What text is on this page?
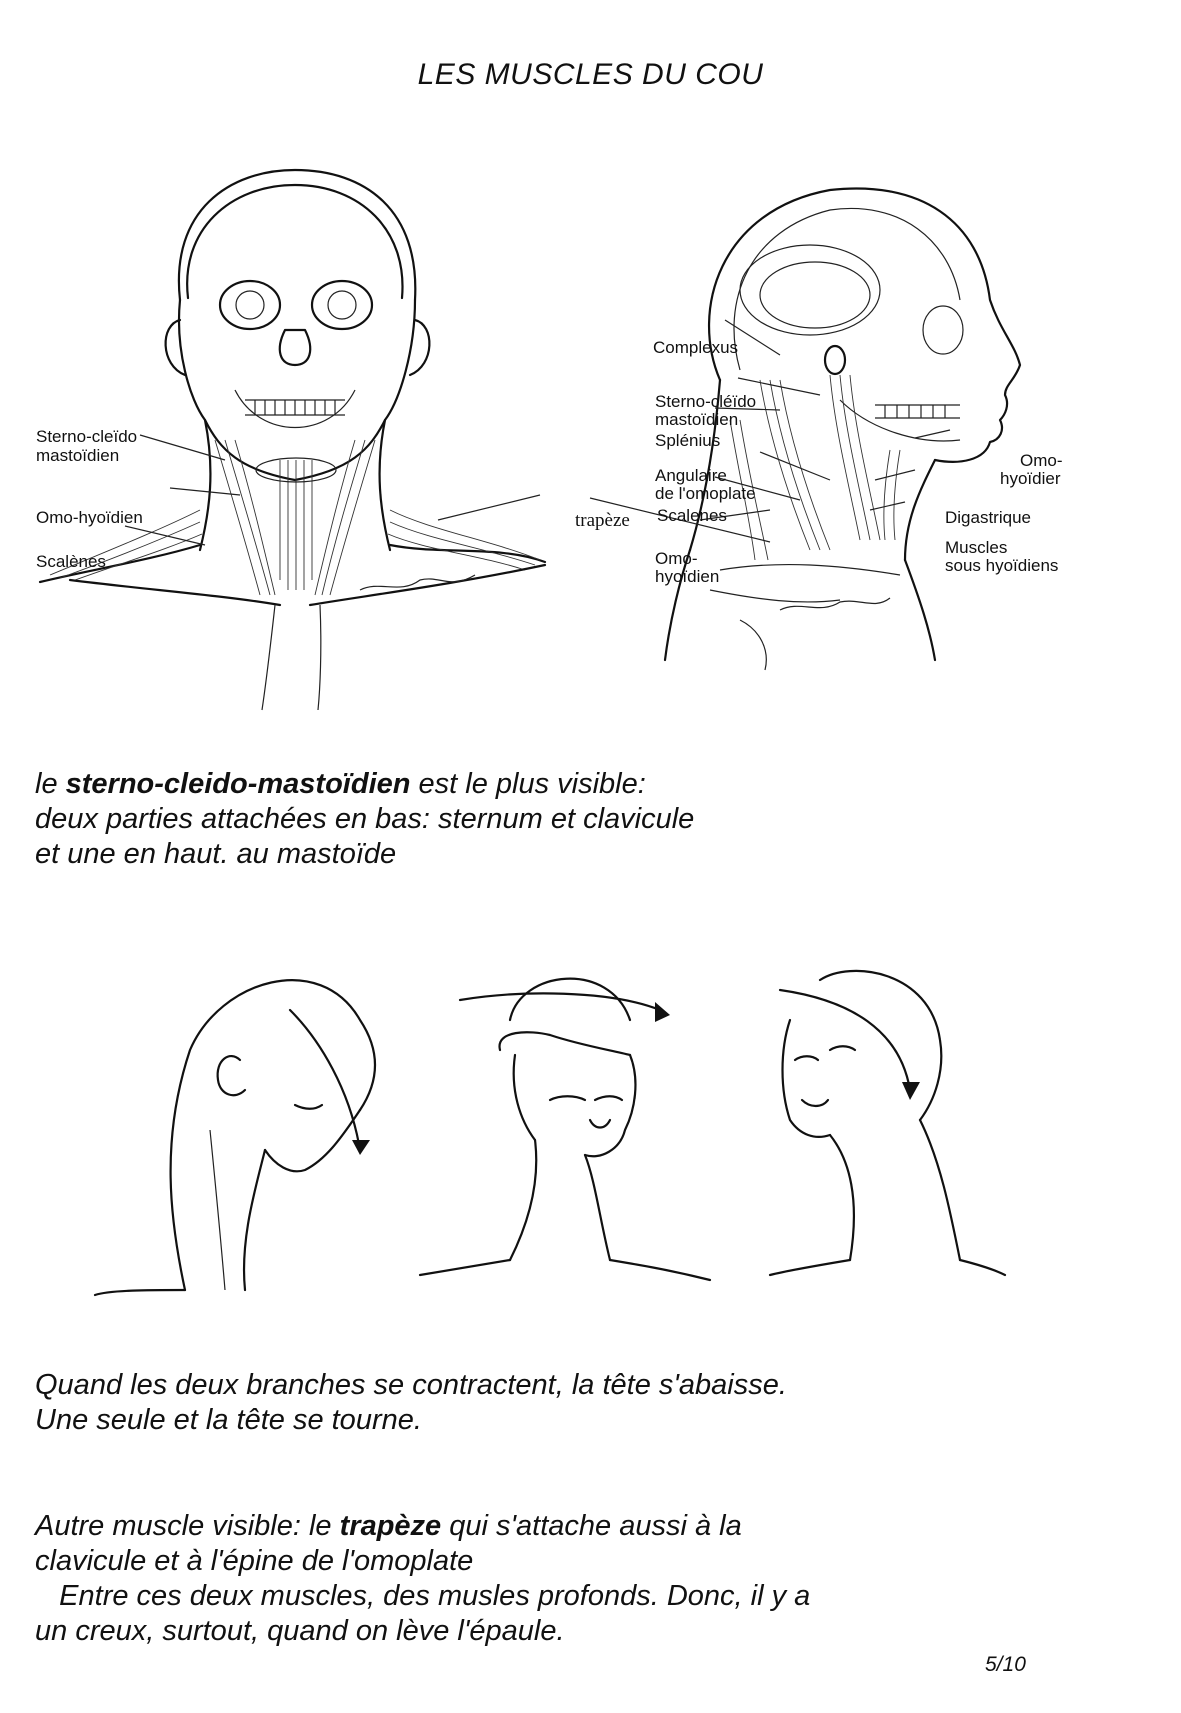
LES MUSCLES DU COU
Sterno-cleïdo
mastoïdien
Omo-hyoïdien
Scalènes
trapèze
Complexus
Sterno-cléïdo
mastoïdien
Splénius
Angulaire
de l'omoplate
Scalenes
Omo-
hyoïdien
Omo-
hyoïdier
Digastrique
Muscles
sous hyoïdiens
le sterno-cleido-mastoïdien est le plus visible:
deux parties attachées en bas: sternum et clavicule
et une en haut. au mastoïde
Quand les deux branches se contractent, la tête s'abaisse.
Une seule et la tête se tourne.
Autre muscle visible: le trapèze qui s'attache aussi à la
clavicule et à l'épine de l'omoplate
Entre ces deux muscles, des musles profonds. Donc, il y a
un creux, surtout, quand on lève l'épaule.
5/10
